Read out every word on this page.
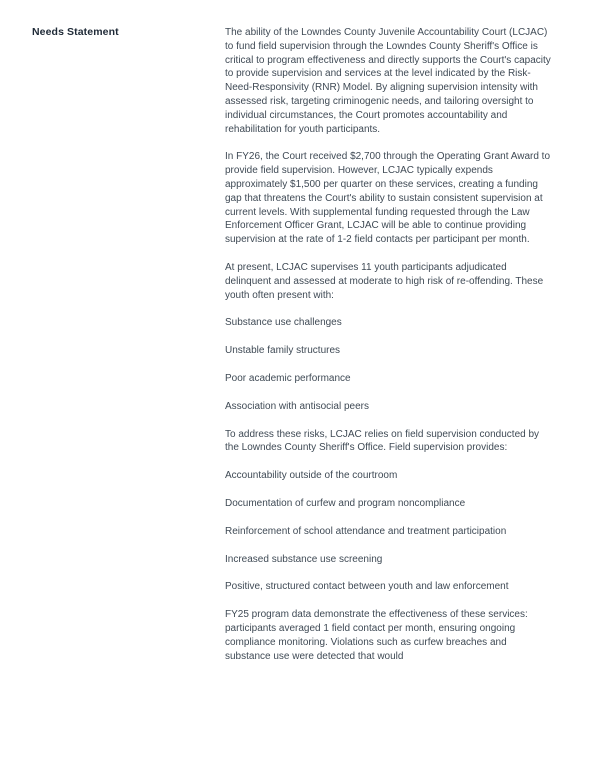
Needs Statement	The ability of the Lowndes County Juvenile Accountability Court (LCJAC) to fund field supervision through the Lowndes County Sheriff's Office is critical to program effectiveness and directly supports the Court's capacity to provide supervision and services at the level indicated by the Risk-Need-Responsivity (RNR) Model. By aligning supervision intensity with assessed risk, targeting criminogenic needs, and tailoring oversight to individual circumstances, the Court promotes accountability and rehabilitation for youth participants.

In FY26, the Court received $2,700 through the Operating Grant Award to provide field supervision. However, LCJAC typically expends approximately $1,500 per quarter on these services, creating a funding gap that threatens the Court's ability to sustain consistent supervision at current levels. With supplemental funding requested through the Law Enforcement Officer Grant, LCJAC will be able to continue providing supervision at the rate of 1-2 field contacts per participant per month.

At present, LCJAC supervises 11 youth participants adjudicated delinquent and assessed at moderate to high risk of re-offending. These youth often present with:

Substance use challenges

Unstable family structures

Poor academic performance

Association with antisocial peers

To address these risks, LCJAC relies on field supervision conducted by the Lowndes County Sheriff's Office. Field supervision provides:

Accountability outside of the courtroom

Documentation of curfew and program noncompliance

Reinforcement of school attendance and treatment participation

Increased substance use screening

Positive, structured contact between youth and law enforcement

FY25 program data demonstrate the effectiveness of these services: participants averaged 1 field contact per month, ensuring ongoing compliance monitoring. Violations such as curfew breaches and substance use were detected that would
